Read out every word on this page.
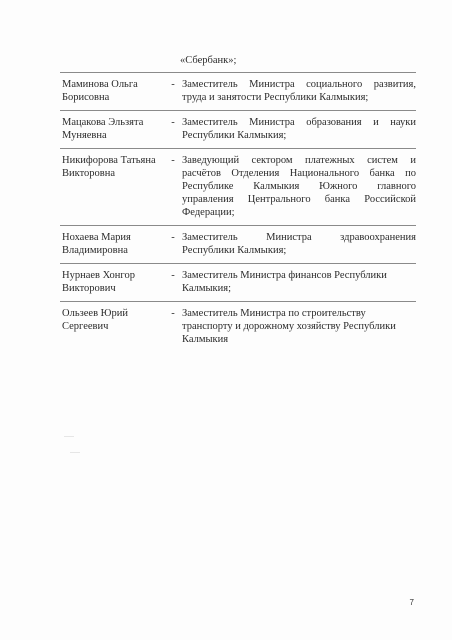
«Сбербанк»;
Маминова Ольга Борисовна
- Заместитель Министра социального развития, труда и занятости Республики Калмыкия;
Мацакова Эльзята Муняевна
- Заместитель Министра образования и науки Республики Калмыкия;
Никифорова Татьяна Викторовна
- Заведующий сектором платежных систем и расчётов Отделения Национального банка по Республике Калмыкия Южного главного управления Центрального банка Российской Федерации;
Нохаева Мария Владимировна
- Заместитель Министра здравоохранения Республики Калмыкия;
Нурнаев Хонгор Викторович
- Заместитель Министра финансов Республики Калмыкия;
Ользеев Юрий Сергеевич
- Заместитель Министра по строительству транспорту и дорожному хозяйству Республики Калмыкия
7
